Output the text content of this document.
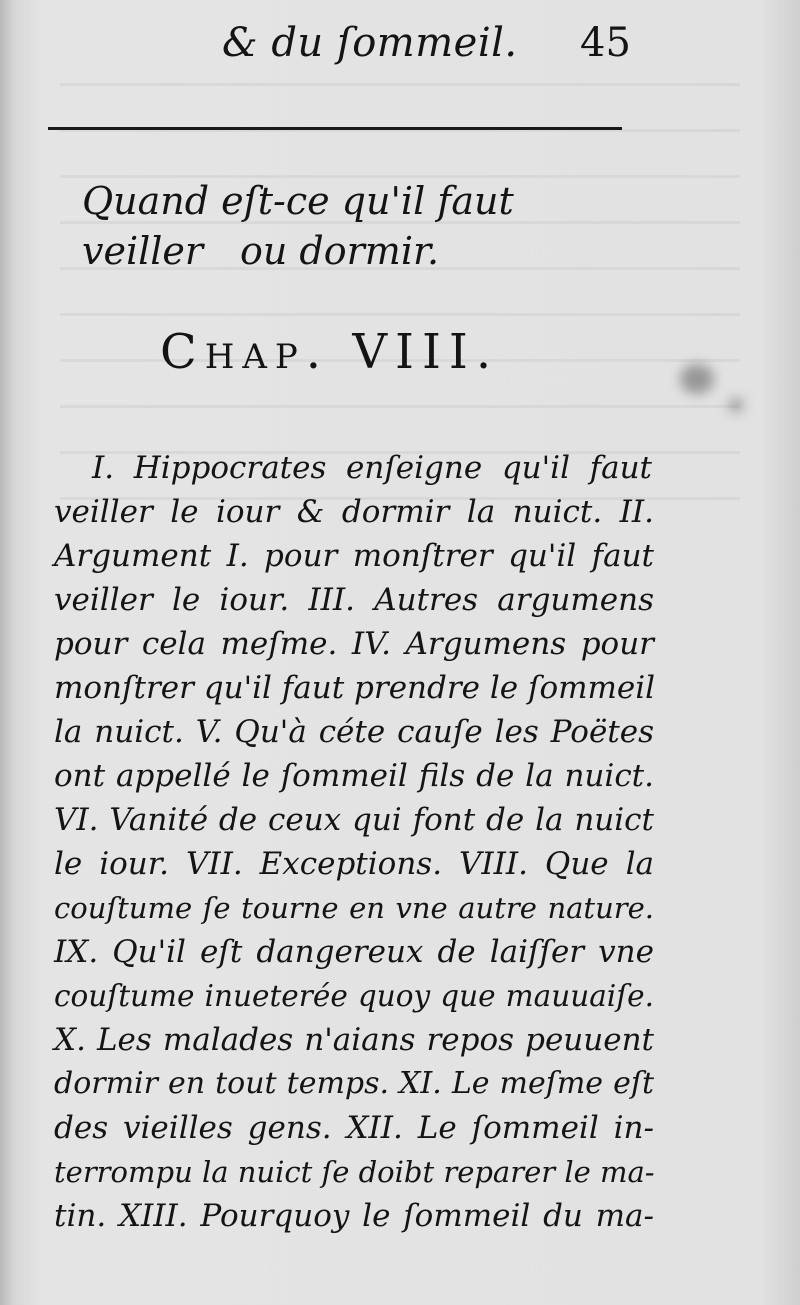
& du ſommeil. 45
Quand eſt-ce qu'il faut veiller ou dormir.
Chap. VIII.
I. Hippocrates enſeigne qu'il faut
veiller le iour & dormir la nuict. II.
Argument I. pour monſtrer qu'il faut
veiller le iour. III. Autres argumens
pour cela meſme. IV. Argumens pour
monſtrer qu'il faut prendre le ſommeil
la nuict. V. Qu'à céte cauſe les Poëtes
ont appellé le ſommeil fils de la nuict.
VI. Vanité de ceux qui font de la nuict
le iour. VII. Exceptions. VIII. Que la
couſtume ſe tourne en vne autre nature.
IX. Qu'il eſt dangereux de laiſſer vne
couſtume inueterée quoy que mauuaiſe.
X. Les malades n'aians repos peuuent
dormir en tout temps. XI. Le meſme eſt
des vieilles gens. XII. Le ſommeil in-
terrompu la nuict ſe doibt reparer le ma-
tin. XIII. Pourquoy le ſommeil du ma-
